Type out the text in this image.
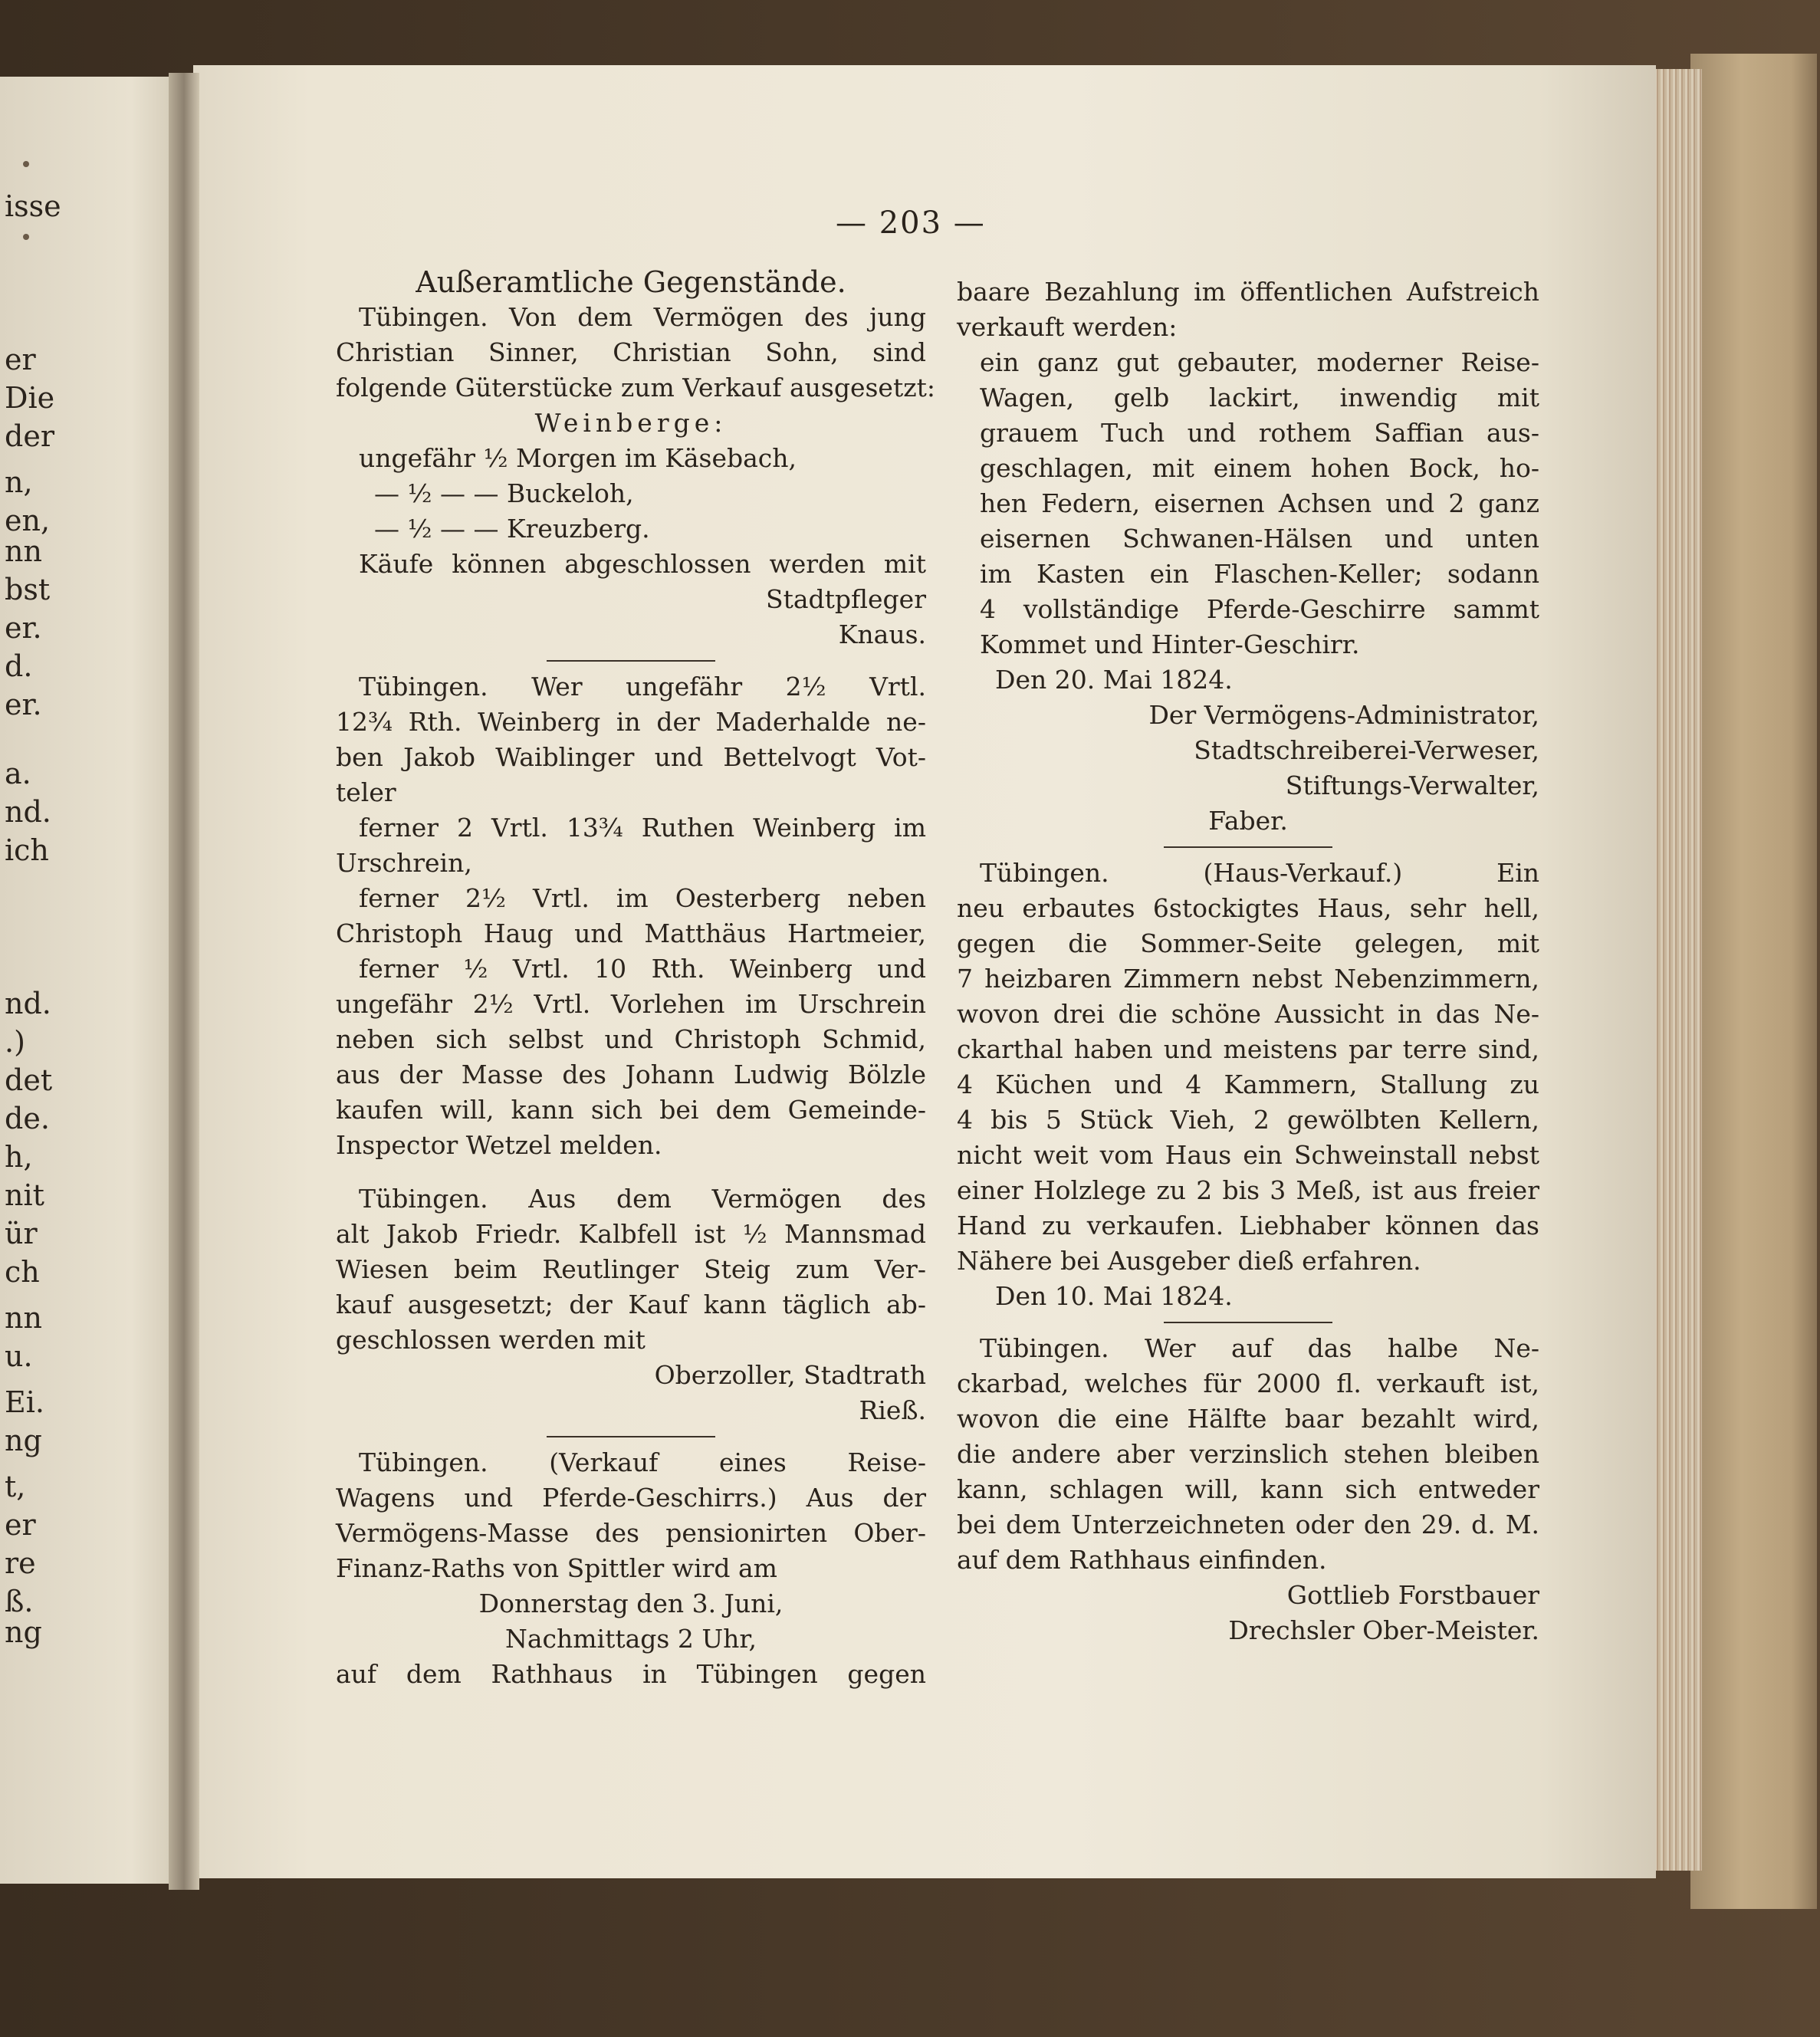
isse
er
Die
der
n,
en,
nn
bst
er.
d.
er.
a.
nd.
ich
nd.
.)
det
de.
h,
nit
ür
ch
nn
u.
Ei.
ng
t,
er
re
ß.
ng
— 203 —
Außeramtliche Gegenstände.
Tübingen. Von dem Vermögen des jung
Christian Sinner, Christian Sohn, sind
folgende Güterstücke zum Verkauf ausgesetzt:
Weinberge:
ungefähr ½ Morgen im Käsebach,
— ½ — — Buckeloh,
— ½ — — Kreuzberg.
Käufe können abgeschlossen werden mit
Stadtpfleger
Knaus.
Tübingen. Wer ungefähr 2½ Vrtl.
12¾ Rth. Weinberg in der Maderhalde ne-
ben Jakob Waiblinger und Bettelvogt Vot-
teler
ferner 2 Vrtl. 13¾ Ruthen Weinberg im
Urschrein,
ferner 2½ Vrtl. im Oesterberg neben
Christoph Haug und Matthäus Hartmeier,
ferner ½ Vrtl. 10 Rth. Weinberg und
ungefähr 2½ Vrtl. Vorlehen im Urschrein
neben sich selbst und Christoph Schmid,
aus der Masse des Johann Ludwig Bölzle
kaufen will, kann sich bei dem Gemeinde-
Inspector Wetzel melden.
Tübingen. Aus dem Vermögen des
alt Jakob Friedr. Kalbfell ist ½ Mannsmad
Wiesen beim Reutlinger Steig zum Ver-
kauf ausgesetzt; der Kauf kann täglich ab-
geschlossen werden mit
Oberzoller, Stadtrath
Rieß.
Tübingen. (Verkauf eines Reise-
Wagens und Pferde-Geschirrs.) Aus der
Vermögens-Masse des pensionirten Ober-
Finanz-Raths von Spittler wird am
Donnerstag den 3. Juni,
Nachmittags 2 Uhr,
auf dem Rathhaus in Tübingen gegen
baare Bezahlung im öffentlichen Aufstreich
verkauft werden:
ein ganz gut gebauter, moderner Reise-
Wagen, gelb lackirt, inwendig mit
grauem Tuch und rothem Saffian aus-
geschlagen, mit einem hohen Bock, ho-
hen Federn, eisernen Achsen und 2 ganz
eisernen Schwanen-Hälsen und unten
im Kasten ein Flaschen-Keller; sodann
4 vollständige Pferde-Geschirre sammt
Kommet und Hinter-Geschirr.
Den 20. Mai 1824.
Der Vermögens-Administrator,
Stadtschreiberei-Verweser,
Stiftungs-Verwalter,
Faber.
Tübingen. (Haus-Verkauf.) Ein
neu erbautes 6stockigtes Haus, sehr hell,
gegen die Sommer-Seite gelegen, mit
7 heizbaren Zimmern nebst Nebenzimmern,
wovon drei die schöne Aussicht in das Ne-
ckarthal haben und meistens par terre sind,
4 Küchen und 4 Kammern, Stallung zu
4 bis 5 Stück Vieh, 2 gewölbten Kellern,
nicht weit vom Haus ein Schweinstall nebst
einer Holzlege zu 2 bis 3 Meß, ist aus freier
Hand zu verkaufen. Liebhaber können das
Nähere bei Ausgeber dieß erfahren.
Den 10. Mai 1824.
Tübingen. Wer auf das halbe Ne-
ckarbad, welches für 2000 fl. verkauft ist,
wovon die eine Hälfte baar bezahlt wird,
die andere aber verzinslich stehen bleiben
kann, schlagen will, kann sich entweder
bei dem Unterzeichneten oder den 29. d. M.
auf dem Rathhaus einfinden.
Gottlieb Forstbauer
Drechsler Ober-Meister.
